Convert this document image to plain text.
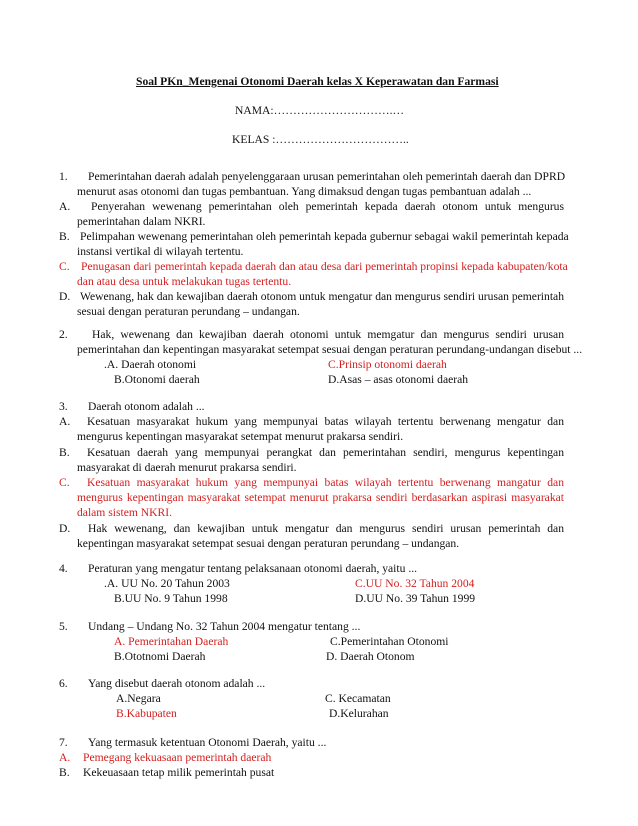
Soal PKn_Mengenai Otonomi Daerah kelas X Keperawatan dan Farmasi
NAMA:………………………….…
KELAS :……………………………..
1. Pemerintahan daerah adalah penyelenggaraan urusan pemerintahan oleh pemerintah daerah dan DPRD
menurut asas otonomi dan tugas pembantuan. Yang dimaksud dengan tugas pembantuan adalah ...
A. Penyerahan wewenang pemerintahan oleh pemerintah kepada daerah otonom untuk mengurus
pemerintahan dalam NKRI.
B. Pelimpahan wewenang pemerintahan oleh pemerintah kepada gubernur sebagai wakil pemerintah kepada
instansi vertikal di wilayah tertentu.
C. Penugasan dari pemerintah kepada daerah dan atau desa dari pemerintah propinsi kepada kabupaten/kota
dan atau desa untuk melakukan tugas tertentu.
D. Wewenang, hak dan kewajiban daerah otonom untuk mengatur dan mengurus sendiri urusan pemerintah
sesuai dengan peraturan perundang – undangan.
2. Hak, wewenang dan kewajiban daerah otonomi untuk memgatur dan mengurus sendiri urusan
pemerintahan dan kepentingan masyarakat setempat sesuai dengan peraturan perundang-undangan disebut ...
.A. Daerah otonomi	C.Prinsip otonomi daerah
B.Otonomi daerah	D.Asas – asas otonomi daerah
3. Daerah otonom adalah ...
A. Kesatuan masyarakat hukum yang mempunyai batas wilayah tertentu berwenang mengatur dan
mengurus kepentingan masyarakat setempat menurut prakarsa sendiri.
B. Kesatuan daerah yang mempunyai perangkat dan pemerintahan sendiri, mengurus kepentingan
masyarakat di daerah menurut prakarsa sendiri.
C. Kesatuan masyarakat hukum yang mempunyai batas wilayah tertentu berwenang mangatur dan
mengurus kepentingan masyarakat setempat menurut prakarsa sendiri berdasarkan aspirasi masyarakat
dalam sistem NKRI.
D. Hak wewenang, dan kewajiban untuk mengatur dan mengurus sendiri urusan pemerintah dan
kepentingan masyarakat setempat sesuai dengan peraturan perundang – undangan.
4. Peraturan yang mengatur tentang pelaksanaan otonomi daerah, yaitu ...
.A. UU No. 20 Tahun 2003	C.UU No. 32 Tahun 2004
B.UU No. 9 Tahun 1998	D.UU No. 39 Tahun 1999
5. Undang – Undang No. 32 Tahun 2004 mengatur tentang ...
A. Pemerintahan Daerah	C.Pemerintahan Otonomi
B.Ototnomi Daerah	D. Daerah Otonom
6. Yang disebut daerah otonom adalah ...
A.Negara	C. Kecamatan
B.Kabupaten	D.Kelurahan
7. Yang termasuk ketentuan Otonomi Daerah, yaitu ...
A. Pemegang kekuasaan pemerintah daerah
B. Kekeuasaan tetap milik pemerintah pusat
